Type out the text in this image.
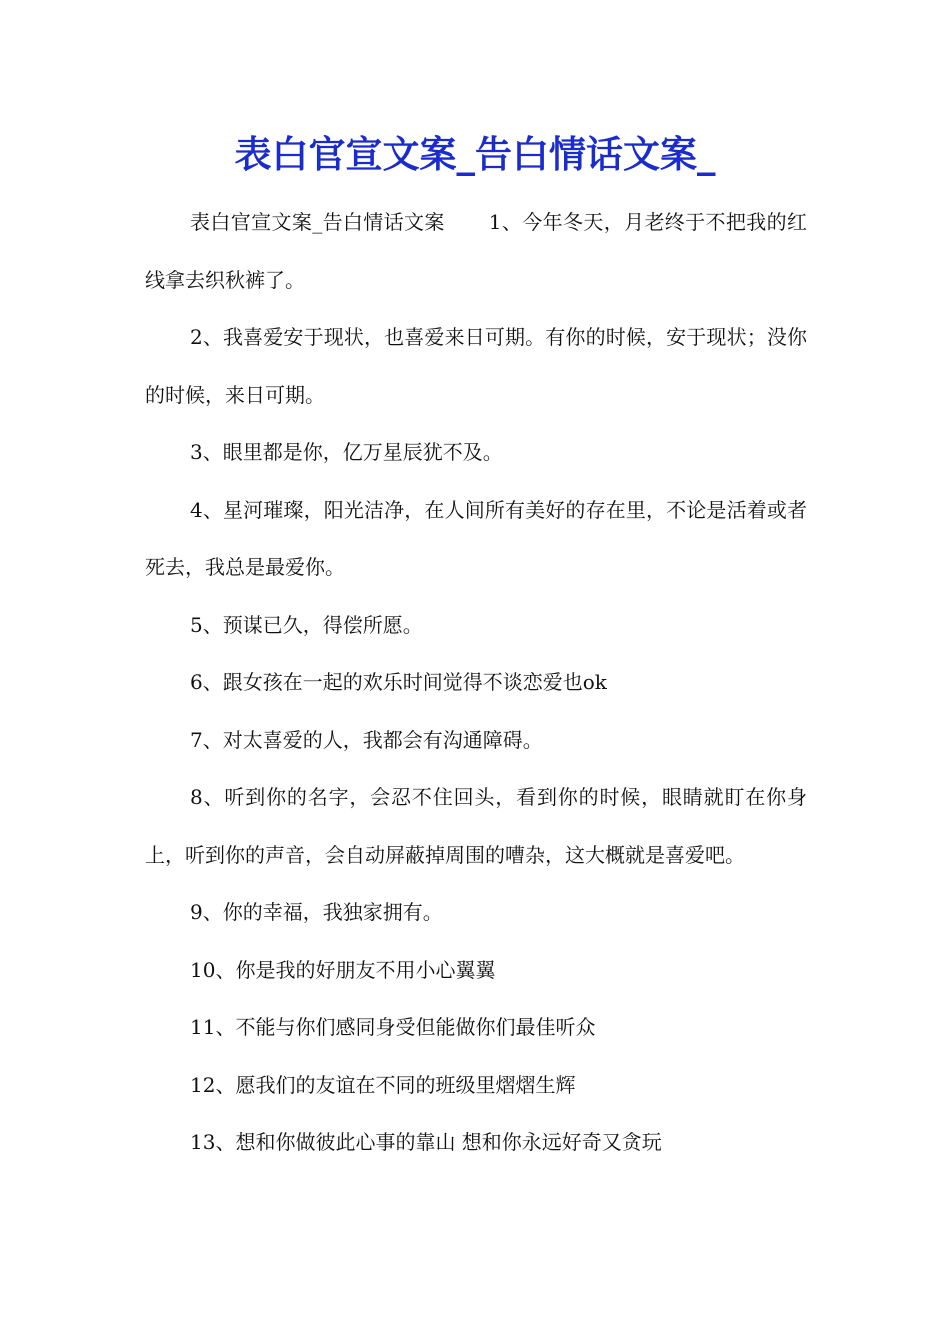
表白官宣文案_告白情话文案_

表白官宣文案_告白情话文案 1、今年冬天，月老终于不把我的红线拿去织秋裤了。

2、我喜爱安于现状，也喜爱来日可期。有你的时候，安于现状；没你的时候，来日可期。

3、眼里都是你，亿万星辰犹不及。

4、星河璀璨，阳光洁净，在人间所有美好的存在里，不论是活着或者死去，我总是最爱你。

5、预谋已久，得偿所愿。

6、跟女孩在一起的欢乐时间觉得不谈恋爱也ok

7、对太喜爱的人，我都会有沟通障碍。

8、听到你的名字，会忍不住回头，看到你的时候，眼睛就盯在你身上，听到你的声音，会自动屏蔽掉周围的嘈杂，这大概就是喜爱吧。

9、你的幸福，我独家拥有。

10、你是我的好朋友不用小心翼翼

11、不能与你们感同身受但能做你们最佳听众

12、愿我们的友谊在不同的班级里熠熠生辉

13、想和你做彼此心事的靠山 想和你永远好奇又贪玩
